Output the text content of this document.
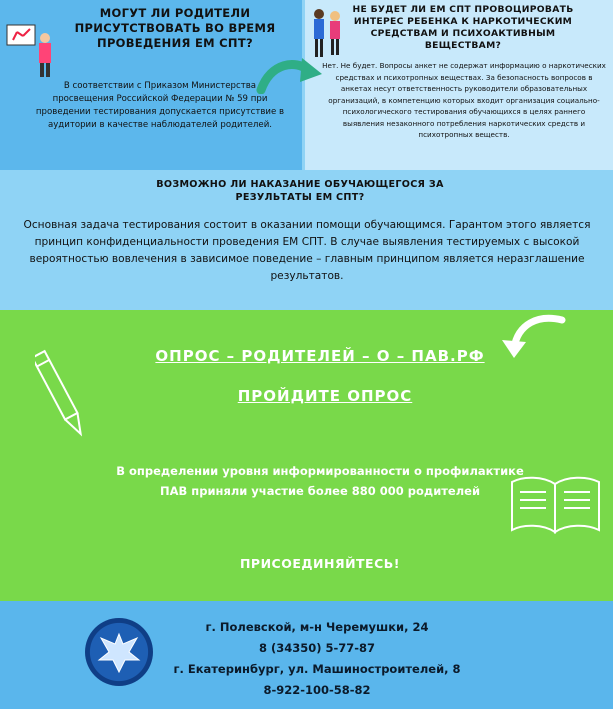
МОГУТ ЛИ РОДИТЕЛИ ПРИСУТСТВОВАТЬ ВО ВРЕМЯ ПРОВЕДЕНИЯ ЕМ СПТ?
В соответствии с Приказом Министерства просвещения Российской Федерации № 59 при проведении тестирования допускается присутствие в аудитории в качестве наблюдателей родителей.
НЕ БУДЕТ ЛИ ЕМ СПТ ПРОВОЦИРОВАТЬ ИНТЕРЕС РЕБЕНКА К НАРКОТИЧЕСКИМ СРЕДСТВАМ И ПСИХОАКТИВНЫМ ВЕЩЕСТВАМ?
Нет. Не будет. Вопросы анкет не содержат информацию о наркотических средствах и психотропных веществах. За безопасность вопросов в анкетах несут ответственность руководители образовательных организаций, в компетенцию которых входит организация социально-психологического тестирования обучающихся в целях раннего выявления незаконного потребления наркотических средств и психотропных веществ.
ВОЗМОЖНО ЛИ НАКАЗАНИЕ ОБУЧАЮЩЕГОСЯ ЗА РЕЗУЛЬТАТЫ ЕМ СПТ?
Основная задача тестирования состоит в оказании помощи обучающимся. Гарантом этого является принцип конфиденциальности проведения ЕМ СПТ. В случае выявления тестируемых с высокой вероятностью вовлечения в зависимое поведение – главным принципом является неразглашение результатов.
ОПРОС – РОДИТЕЛЕЙ – О – ПАВ.РФ
ПРОЙДИТЕ ОПРОС
В определении уровня информированности о профилактике ПАВ приняли участие более 880 000 родителей
ПРИСОЕДИНЯЙТЕСЬ!
г. Полевской, м-н Черемушки, 24
8 (34350) 5-77-87
г. Екатеринбург, ул. Машиностроителей, 8
8-922-100-58-82
